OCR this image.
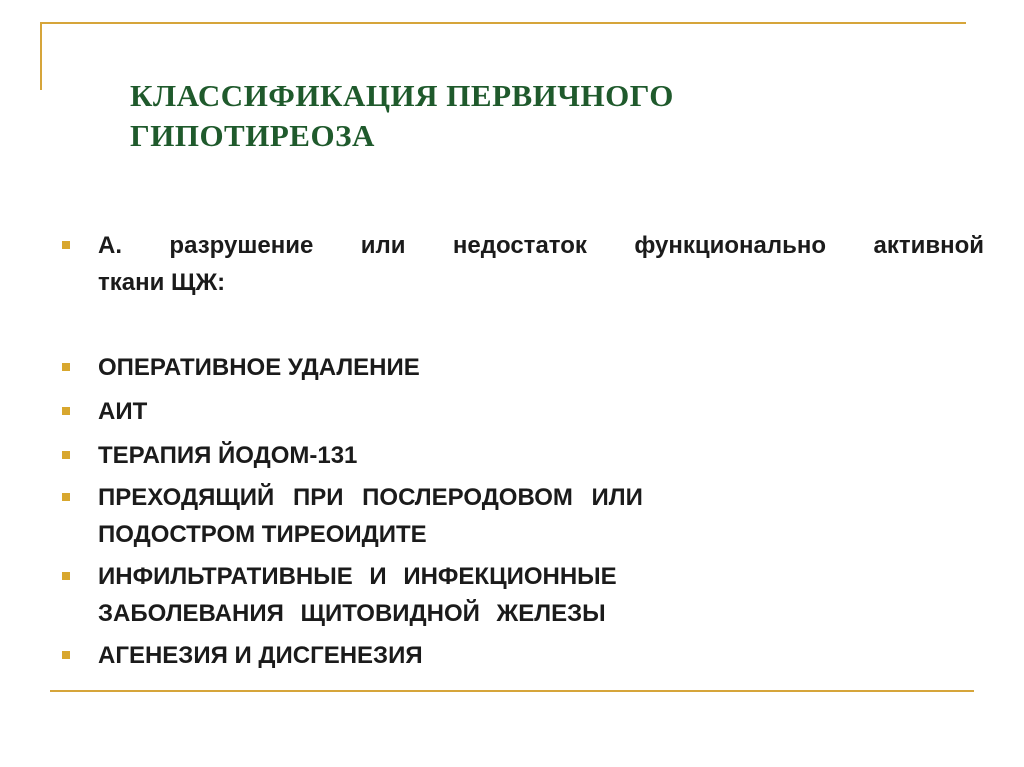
КЛАССИФИКАЦИЯ ПЕРВИЧНОГО
ГИПОТИРЕОЗА
А. разрушение или недостаток функционально активной
ткани ЩЖ:
ОПЕРАТИВНОЕ УДАЛЕНИЕ
АИТ
ТЕРАПИЯ ЙОДОМ-131
ПРЕХОДЯЩИЙ ПРИ ПОСЛЕРОДОВОМ ИЛИ
ПОДОСТРОМ ТИРЕОИДИТЕ
ИНФИЛЬТРАТИВНЫЕ И ИНФЕКЦИОННЫЕ
ЗАБОЛЕВАНИЯ ЩИТОВИДНОЙ ЖЕЛЕЗЫ
АГЕНЕЗИЯ И ДИСГЕНЕЗИЯ
